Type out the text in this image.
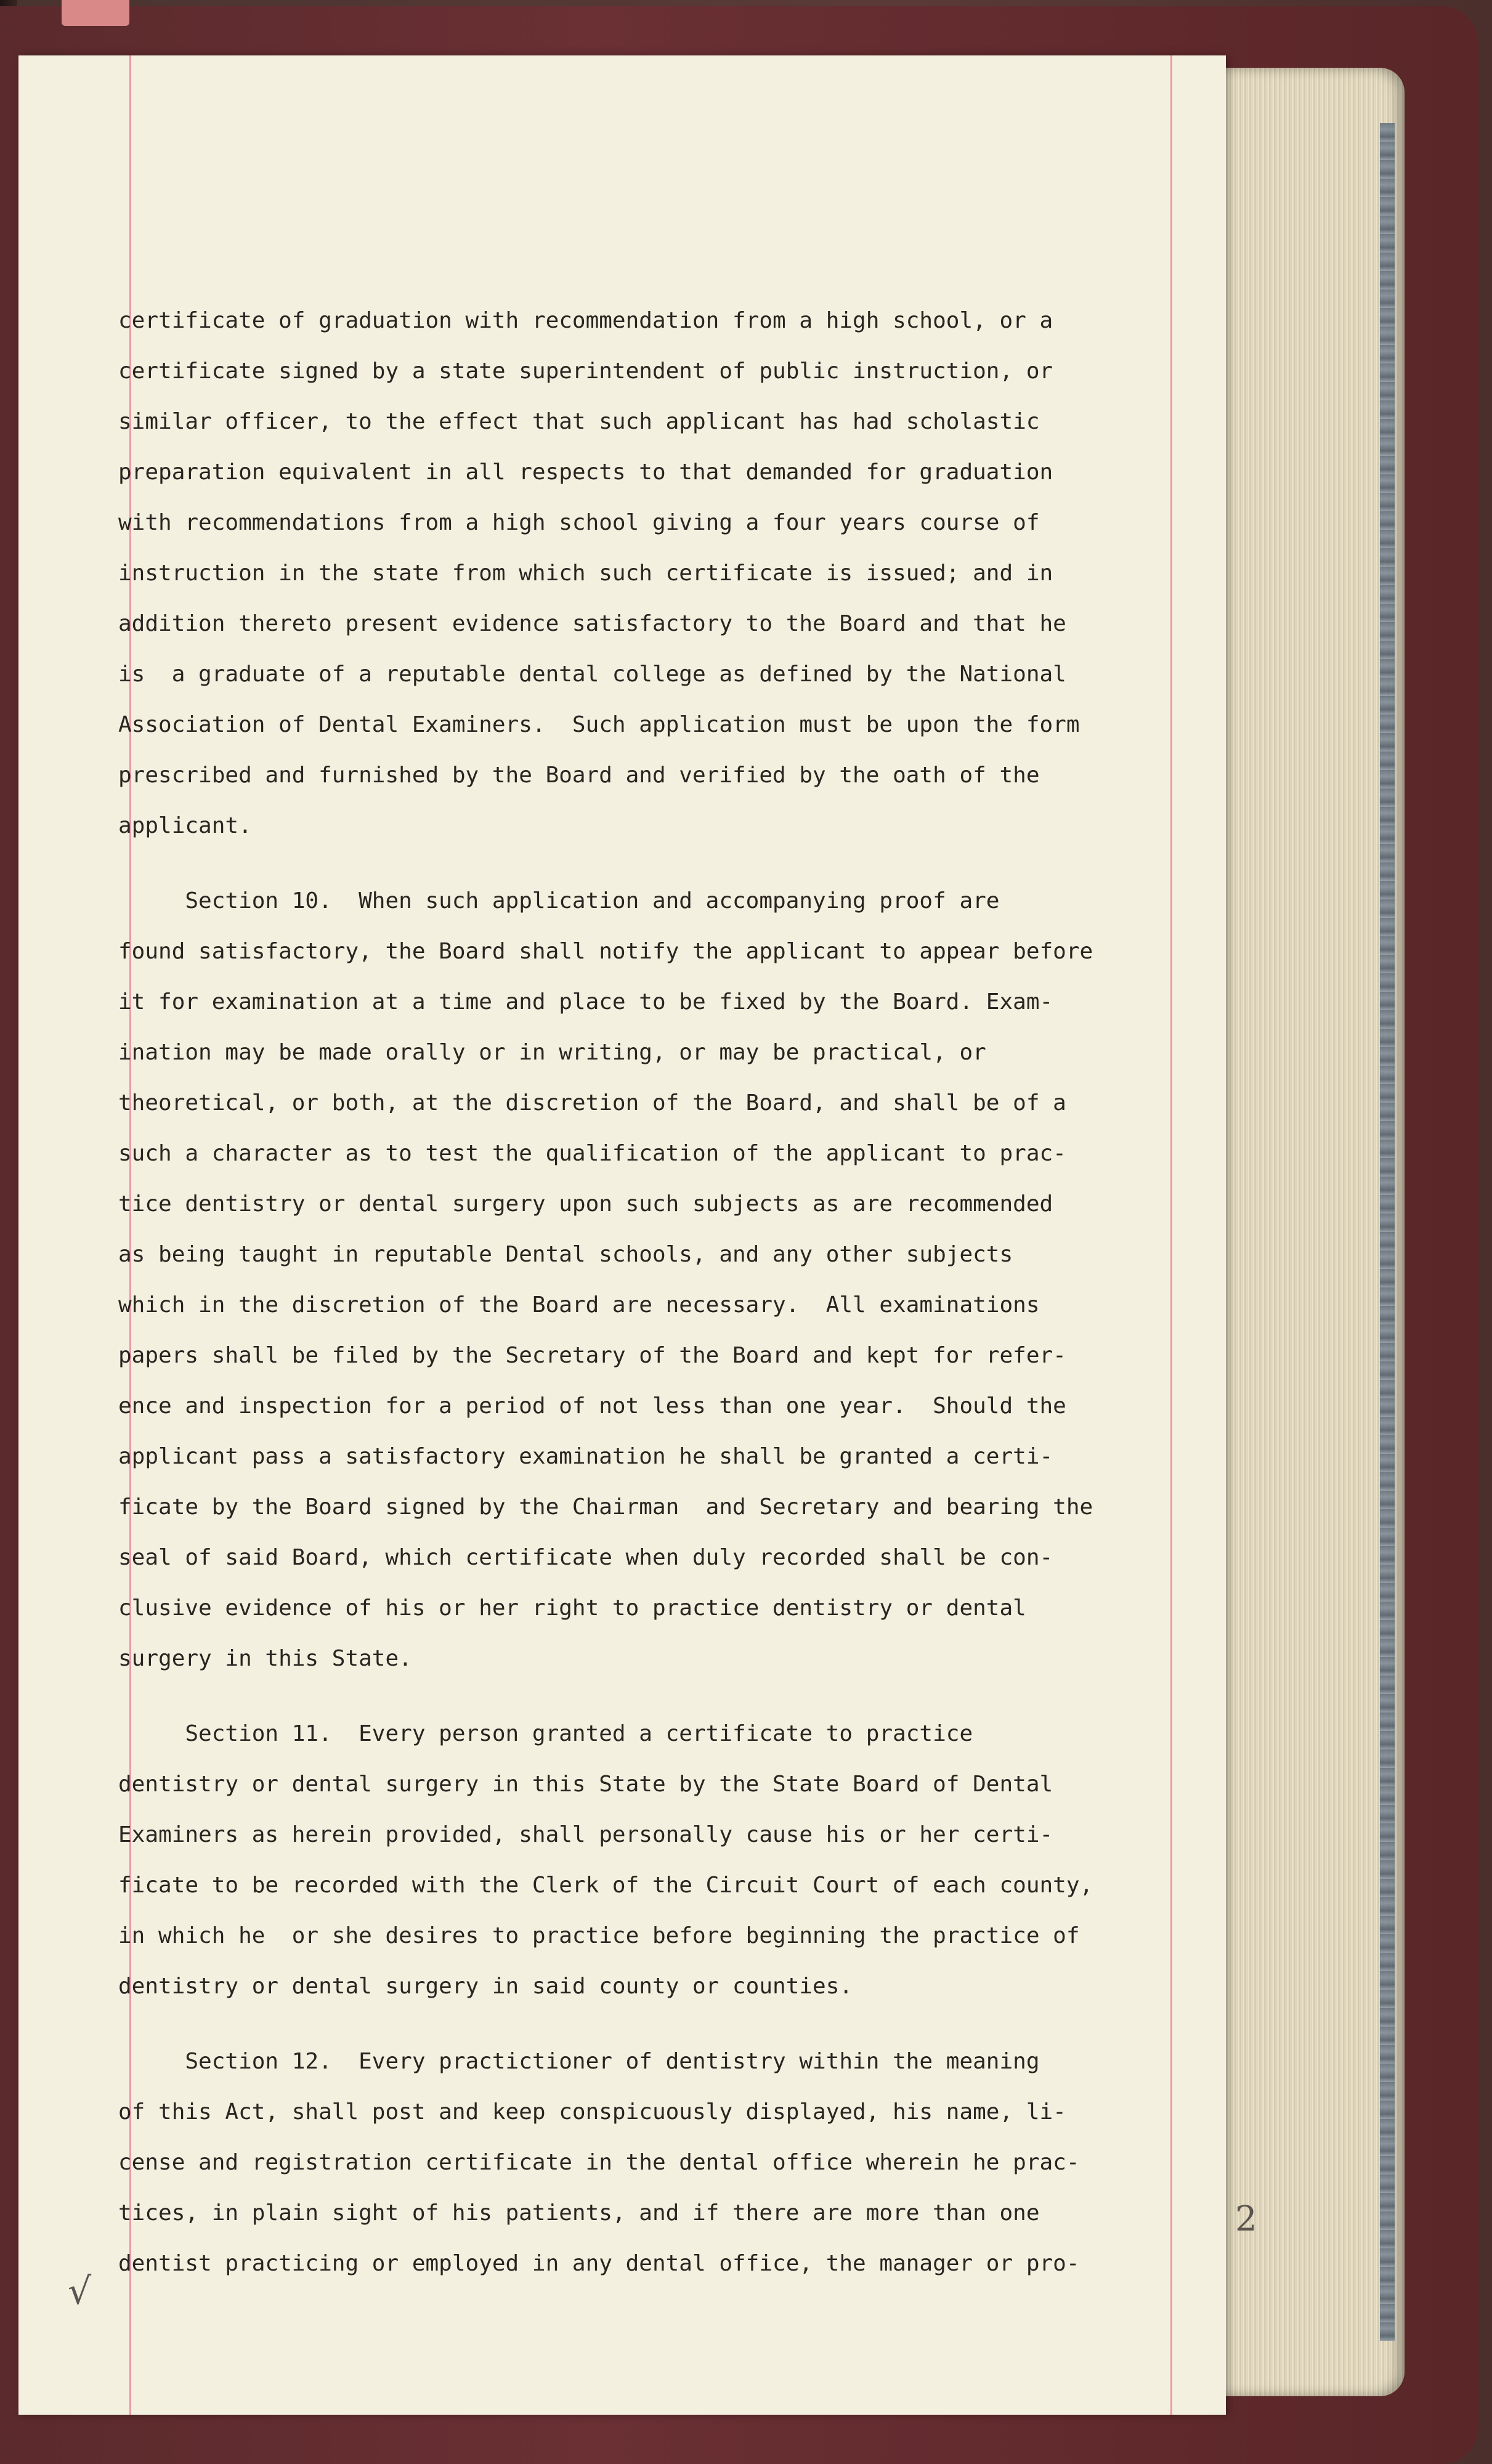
certificate of graduation with recommendation from a high school, or a
certificate signed by a state superintendent of public instruction, or
similar officer, to the effect that such applicant has had scholastic
preparation equivalent in all respects to that demanded for graduation
with recommendations from a high school giving a four years course of
instruction in the state from which such certificate is issued; and in
addition thereto present evidence satisfactory to the Board and that he
is  a graduate of a reputable dental college as defined by the National
Association of Dental Examiners.  Such application must be upon the form
prescribed and furnished by the Board and verified by the oath of the
applicant.
Section 10.  When such application and accompanying proof are
found satisfactory, the Board shall notify the applicant to appear before
it for examination at a time and place to be fixed by the Board. Exam-
ination may be made orally or in writing, or may be practical, or
theoretical, or both, at the discretion of the Board, and shall be of a
such a character as to test the qualification of the applicant to prac-
tice dentistry or dental surgery upon such subjects as are recommended
as being taught in reputable Dental schools, and any other subjects
which in the discretion of the Board are necessary.  All examinations
papers shall be filed by the Secretary of the Board and kept for refer-
ence and inspection for a period of not less than one year.  Should the
applicant pass a satisfactory examination he shall be granted a certi-
ficate by the Board signed by the Chairman  and Secretary and bearing the
seal of said Board, which certificate when duly recorded shall be con-
clusive evidence of his or her right to practice dentistry or dental
surgery in this State.
Section 11.  Every person granted a certificate to practice
dentistry or dental surgery in this State by the State Board of Dental
Examiners as herein provided, shall personally cause his or her certi-
ficate to be recorded with the Clerk of the Circuit Court of each county,
in which he  or she desires to practice before beginning the practice of
dentistry or dental surgery in said county or counties.
Section 12.  Every practictioner of dentistry within the meaning
of this Act, shall post and keep conspicuously displayed, his name, li-
cense and registration certificate in the dental office wherein he prac-
tices, in plain sight of his patients, and if there are more than one
dentist practicing or employed in any dental office, the manager or pro-
√
2
